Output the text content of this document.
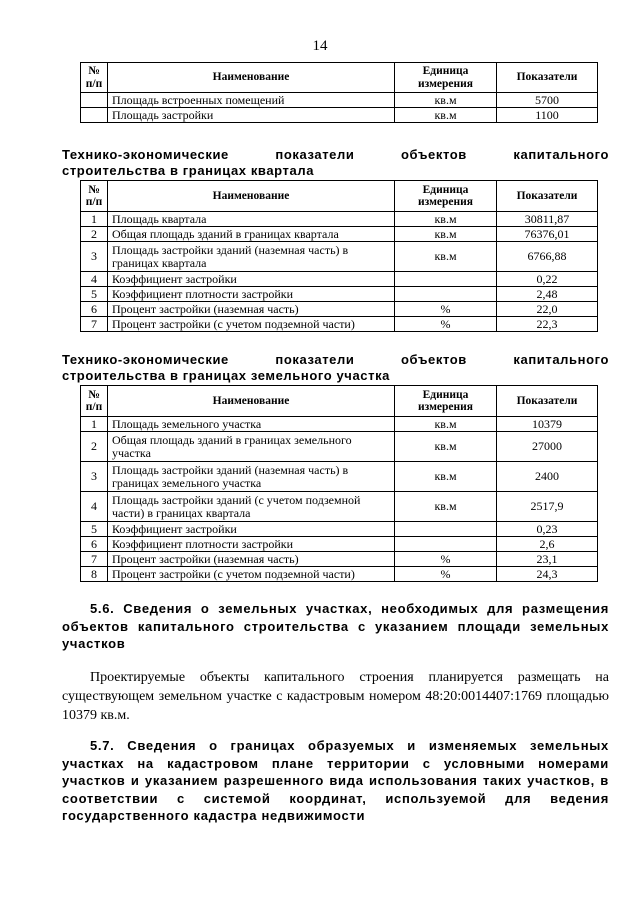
14
№ п/п	Наименование	Единица измерения	Показатели
	Площадь встроенных помещений	кв.м	5700
	Площадь застройки	кв.м	1100
Технико-экономические показатели объектов капитального
строительства в границах квартала
№ п/п	Наименование	Единица измерения	Показатели
1	Площадь квартала	кв.м	30811,87
2	Общая площадь зданий в границах квартала	кв.м	76376,01
3	Площадь застройки зданий (наземная часть) в границах квартала	кв.м	6766,88
4	Коэффициент застройки		0,22
5	Коэффициент плотности застройки		2,48
6	Процент застройки (наземная часть)	%	22,0
7	Процент застройки (с учетом подземной части)	%	22,3
Технико-экономические показатели объектов капитального
строительства в границах земельного участка
№ п/п	Наименование	Единица измерения	Показатели
1	Площадь земельного участка	кв.м	10379
2	Общая площадь зданий в границах земельного участка	кв.м	27000
3	Площадь застройки зданий (наземная часть) в границах земельного участка	кв.м	2400
4	Площадь застройки зданий (с учетом подземной части) в границах квартала	кв.м	2517,9
5	Коэффициент застройки		0,23
6	Коэффициент плотности застройки		2,6
7	Процент застройки (наземная часть)	%	23,1
8	Процент застройки (с учетом подземной части)	%	24,3
5.6. Сведения о земельных участках, необходимых для размещения объектов капитального строительства с указанием площади земельных участков
Проектируемые объекты капитального строения планируется размещать на существующем земельном участке с кадастровым номером 48:20:0014407:1769 площадью 10379 кв.м.
5.7. Сведения о границах образуемых и изменяемых земельных участках на кадастровом плане территории с условными номерами участков и указанием разрешенного вида использования таких участков, в соответствии с системой координат, используемой для ведения государственного кадастра недвижимости
